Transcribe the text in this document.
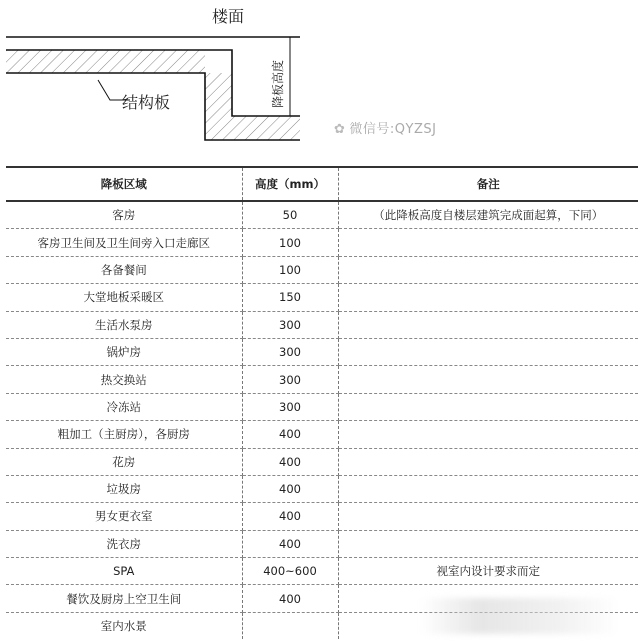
楼面
结构板	降板高度
✿ 微信号:QYZSJ
降板区域	高度（mm）	备注
客房	50	（此降板高度自楼层建筑完成面起算，下同）
客房卫生间及卫生间旁入口走廊区	100	
各备餐间	100	
大堂地板采暖区	150	
生活水泵房	300	
锅炉房	300	
热交换站	300	
冷冻站	300	
粗加工（主厨房），各厨房	400	
花房	400	
垃圾房	400	
男女更衣室	400	
洗衣房	400	
SPA	400~600	视室内设计要求而定
餐饮及厨房上空卫生间	400	
室内水景		
